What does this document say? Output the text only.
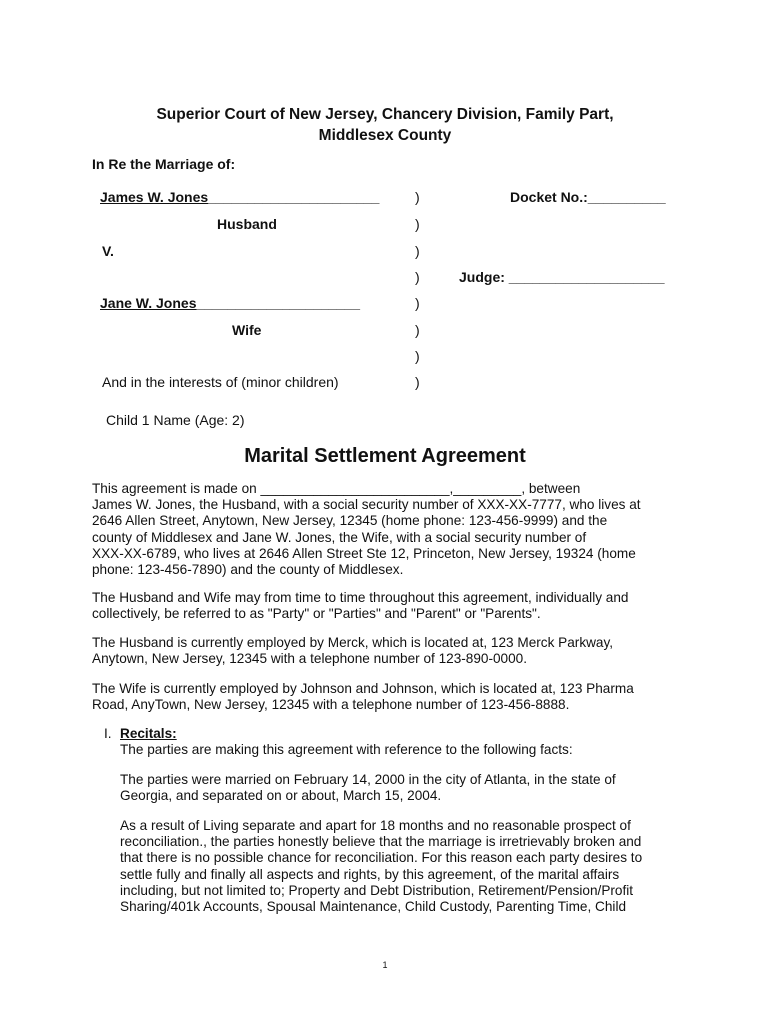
Superior Court of New Jersey, Chancery Division, Family Part,
Middlesex County
In Re the Marriage of:
James W. Jones______________________
Husband
V.
Jane W. Jones_____________________
Wife
And in the interests of (minor children)
Child 1 Name (Age: 2)
)
)
)
)
)
)
)
)
Docket No.:__________
Judge: ____________________
Marital Settlement Agreement
This agreement is made on _________________________,_________, between
James W. Jones, the Husband, with a social security number of XXX-XX-7777, who lives at
2646 Allen Street, Anytown, New Jersey, 12345 (home phone: 123-456-9999) and the
county of Middlesex and Jane W. Jones, the Wife, with a social security number of
XXX-XX-6789, who lives at 2646 Allen Street Ste 12, Princeton, New Jersey, 19324 (home
phone: 123-456-7890) and the county of Middlesex.
The Husband and Wife may from time to time throughout this agreement, individually and
collectively, be referred to as "Party" or "Parties" and "Parent" or "Parents".
The Husband is currently employed by Merck, which is located at, 123 Merck Parkway,
Anytown, New Jersey, 12345 with a telephone number of 123-890-0000.
The Wife is currently employed by Johnson and Johnson, which is located at, 123 Pharma
Road, AnyTown, New Jersey, 12345 with a telephone number of 123-456-8888.
I. Recitals:
The parties are making this agreement with reference to the following facts:
The parties were married on February 14, 2000 in the city of Atlanta, in the state of
Georgia, and separated on or about, March 15, 2004.
As a result of Living separate and apart for 18 months and no reasonable prospect of
reconciliation., the parties honestly believe that the marriage is irretrievably broken and
that there is no possible chance for reconciliation. For this reason each party desires to
settle fully and finally all aspects and rights, by this agreement, of the marital affairs
including, but not limited to; Property and Debt Distribution, Retirement/Pension/Profit
Sharing/401k Accounts, Spousal Maintenance, Child Custody, Parenting Time, Child
1
